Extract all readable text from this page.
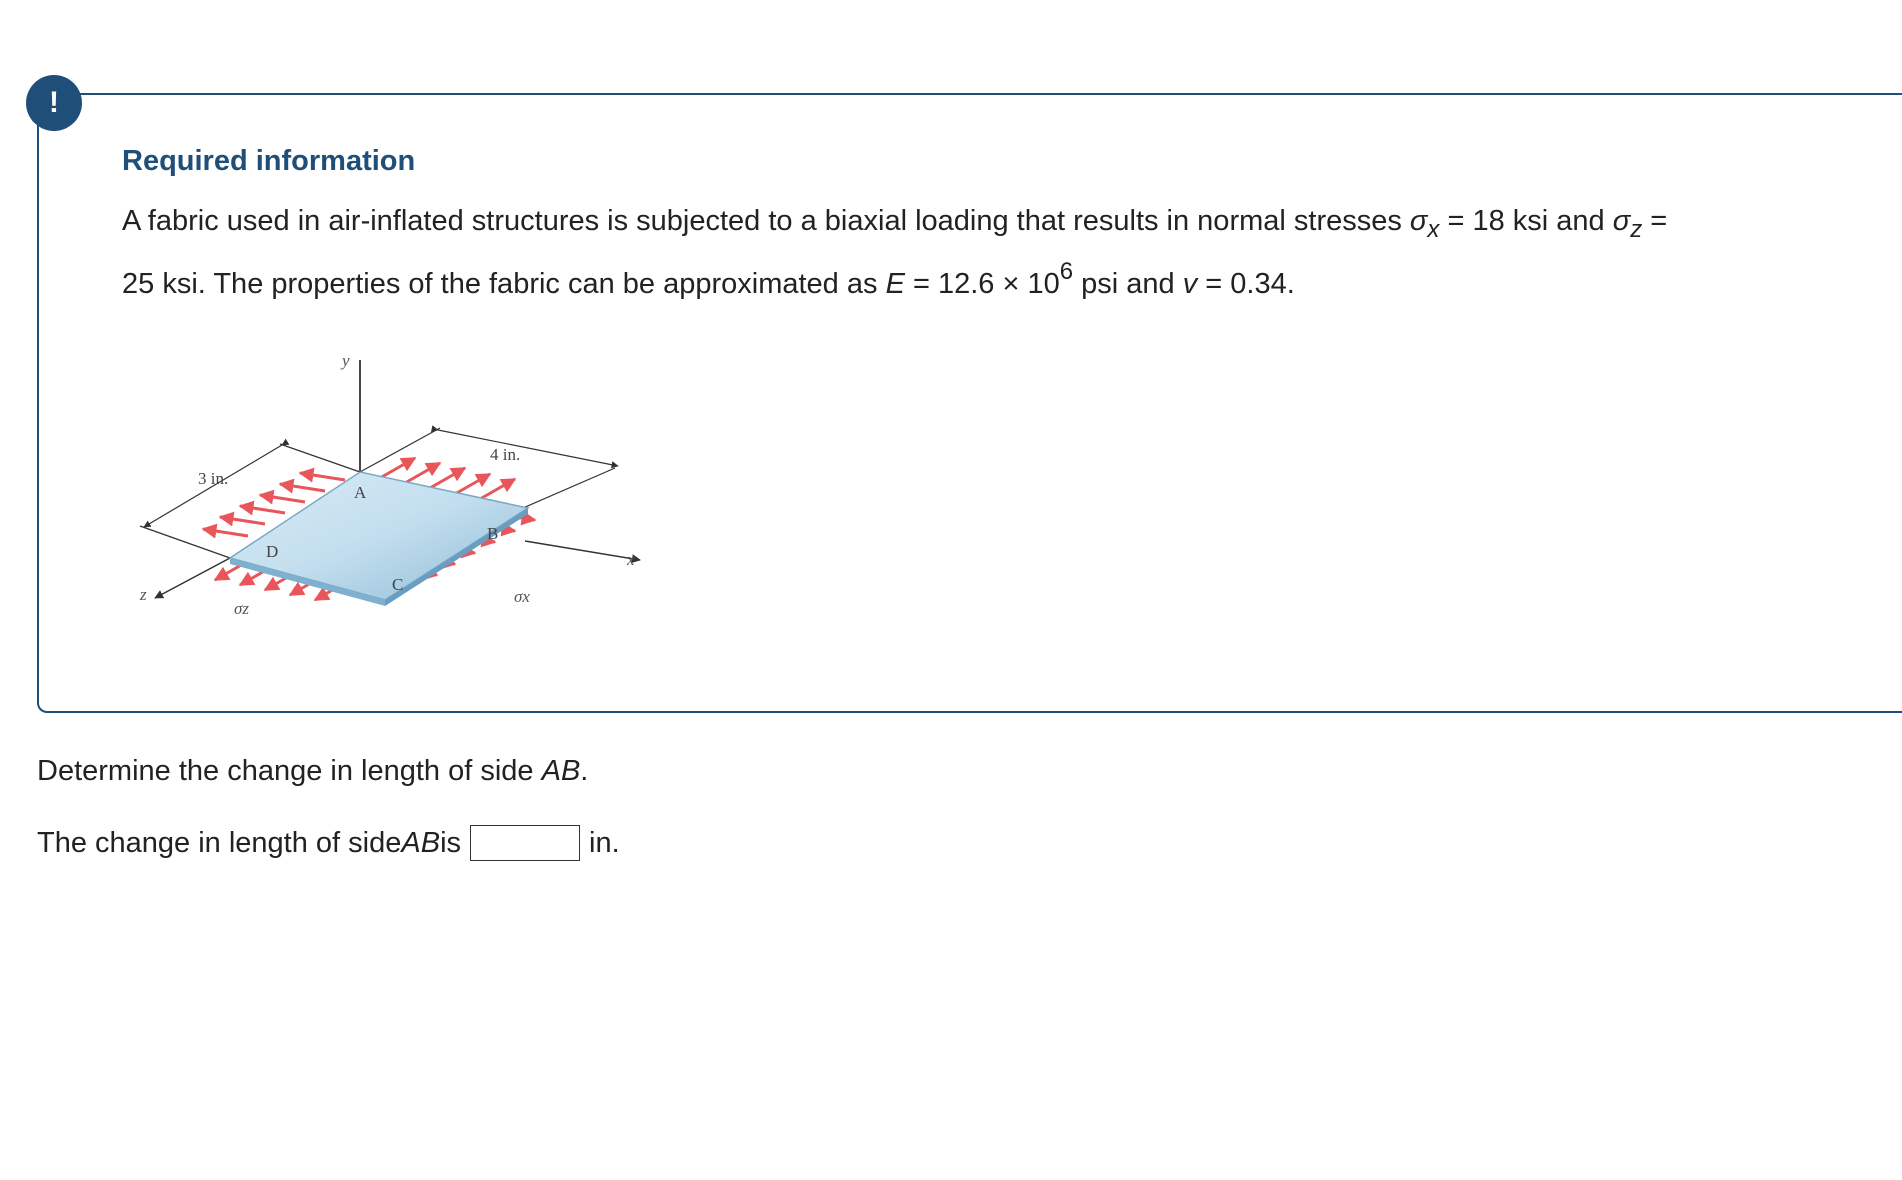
!
Required information
A fabric used in air-inflated structures is subjected to a biaxial loading that results in normal stresses $\sigma_x = 18$ ksi and $\sigma_z$ =
25 ksi. The properties of the fabric can be approximated as $E = 12.6 \times 10^6$ psi and v = 0.34.
y
x
z
4 in.
3 in.
A
B
C
D
σx
σz
Determine the change in length of side AB.
The change in length of side AB is	in.
